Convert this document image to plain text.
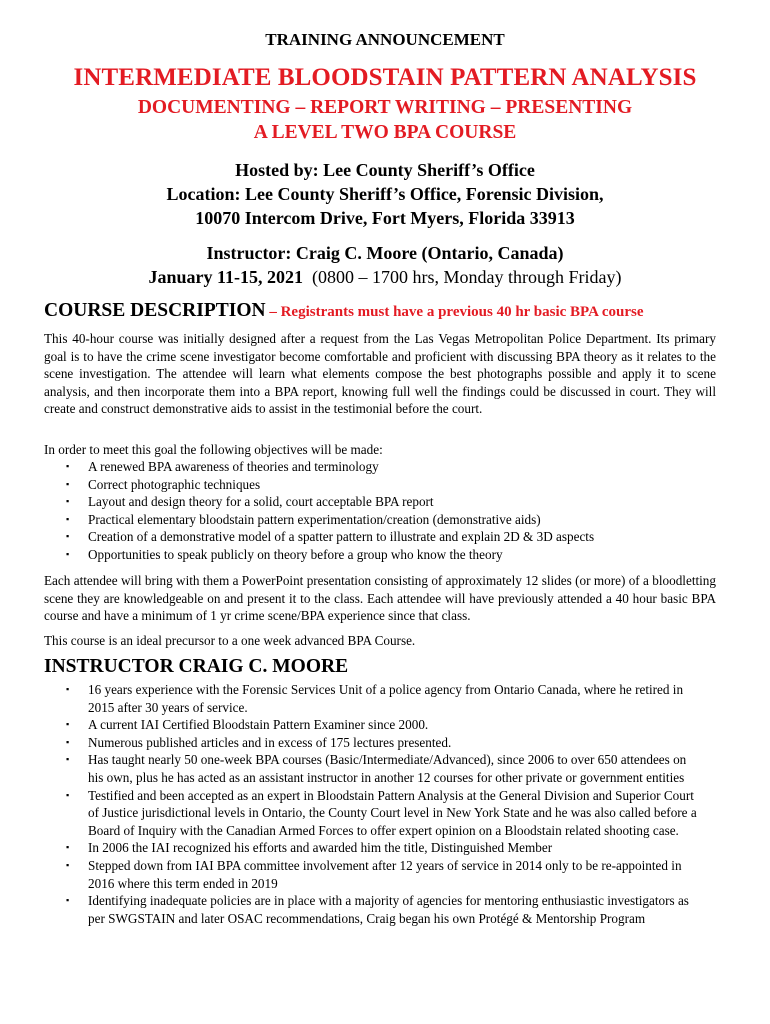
TRAINING ANNOUNCEMENT
INTERMEDIATE BLOODSTAIN PATTERN ANALYSIS
DOCUMENTING – REPORT WRITING – PRESENTING
A LEVEL TWO BPA COURSE
Hosted by: Lee County Sheriff’s Office
Location: Lee County Sheriff’s Office, Forensic Division,
10070 Intercom Drive, Fort Myers, Florida 33913
Instructor: Craig C. Moore (Ontario, Canada)
January 11-15, 2021  (0800 – 1700 hrs, Monday through Friday)
COURSE DESCRIPTION – Registrants must have a previous 40 hr basic BPA course
This 40-hour course was initially designed after a request from the Las Vegas Metropolitan Police Department. Its primary goal is to have the crime scene investigator become comfortable and proficient with discussing BPA theory as it relates to the scene investigation. The attendee will learn what elements compose the best photographs possible and apply it to scene analysis, and then incorporate them into a BPA report, knowing full well the findings could be discussed in court. They will create and construct demonstrative aids to assist in the testimonial before the court.
In order to meet this goal the following objectives will be made:
▪ A renewed BPA awareness of theories and terminology
▪ Correct photographic techniques
▪ Layout and design theory for a solid, court acceptable BPA report
▪ Practical elementary bloodstain pattern experimentation/creation (demonstrative aids)
▪ Creation of a demonstrative model of a spatter pattern to illustrate and explain 2D & 3D aspects
▪ Opportunities to speak publicly on theory before a group who know the theory
Each attendee will bring with them a PowerPoint presentation consisting of approximately 12 slides (or more) of a bloodletting scene they are knowledgeable on and present it to the class. Each attendee will have previously attended a 40 hour basic BPA course and have a minimum of 1 yr crime scene/BPA experience since that class.
This course is an ideal precursor to a one week advanced BPA Course.
INSTRUCTOR CRAIG C. MOORE
▪ 16 years experience with the Forensic Services Unit of a police agency from Ontario Canada, where he retired in 2015 after 30 years of service.
▪ A current IAI Certified Bloodstain Pattern Examiner since 2000.
▪ Numerous published articles and in excess of 175 lectures presented.
▪ Has taught nearly 50 one-week BPA courses (Basic/Intermediate/Advanced), since 2006 to over 650 attendees on his own, plus he has acted as an assistant instructor in another 12 courses for other private or government entities
▪ Testified and been accepted as an expert in Bloodstain Pattern Analysis at the General Division and Superior Court of Justice jurisdictional levels in Ontario, the County Court level in New York State and he was also called before a Board of Inquiry with the Canadian Armed Forces to offer expert opinion on a Bloodstain related shooting case.
▪ In 2006 the IAI recognized his efforts and awarded him the title, Distinguished Member
▪ Stepped down from IAI BPA committee involvement after 12 years of service in 2014 only to be re-appointed in 2016 where this term ended in 2019
▪ Identifying inadequate policies are in place with a majority of agencies for mentoring enthusiastic investigators as per SWGSTAIN and later OSAC recommendations, Craig began his own Protégé & Mentorship Program
